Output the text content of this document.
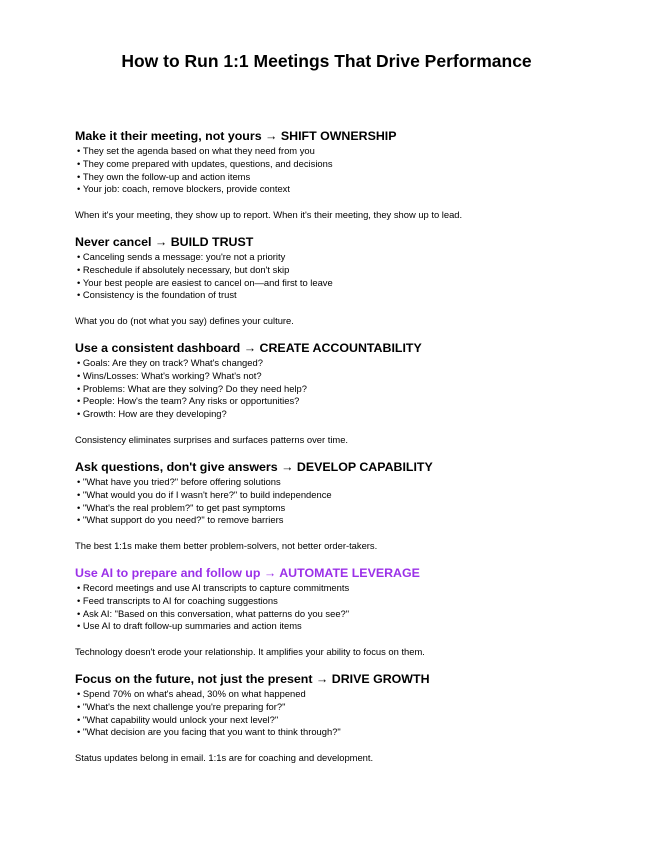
How to Run 1:1 Meetings That Drive Performance
Make it their meeting, not yours → SHIFT OWNERSHIP
• They set the agenda based on what they need from you
• They come prepared with updates, questions, and decisions
• They own the follow-up and action items
• Your job: coach, remove blockers, provide context

When it's your meeting, they show up to report. When it's their meeting, they show up to lead.

Never cancel → BUILD TRUST
• Canceling sends a message: you're not a priority
• Reschedule if absolutely necessary, but don't skip
• Your best people are easiest to cancel on—and first to leave
• Consistency is the foundation of trust

What you do (not what you say) defines your culture.

Use a consistent dashboard → CREATE ACCOUNTABILITY
• Goals: Are they on track? What's changed?
• Wins/Losses: What's working? What's not?
• Problems: What are they solving? Do they need help?
• People: How's the team? Any risks or opportunities?
• Growth: How are they developing?

Consistency eliminates surprises and surfaces patterns over time.

Ask questions, don't give answers → DEVELOP CAPABILITY
• "What have you tried?" before offering solutions
• "What would you do if I wasn't here?" to build independence
• "What's the real problem?" to get past symptoms
• "What support do you need?" to remove barriers

The best 1:1s make them better problem-solvers, not better order-takers.

Use AI to prepare and follow up → AUTOMATE LEVERAGE
• Record meetings and use AI transcripts to capture commitments
• Feed transcripts to AI for coaching suggestions
• Ask AI: "Based on this conversation, what patterns do you see?"
• Use AI to draft follow-up summaries and action items

Technology doesn't erode your relationship. It amplifies your ability to focus on them.

Focus on the future, not just the present → DRIVE GROWTH
• Spend 70% on what's ahead, 30% on what happened
• "What's the next challenge you're preparing for?"
• "What capability would unlock your next level?"
• "What decision are you facing that you want to think through?"

Status updates belong in email. 1:1s are for coaching and development.
